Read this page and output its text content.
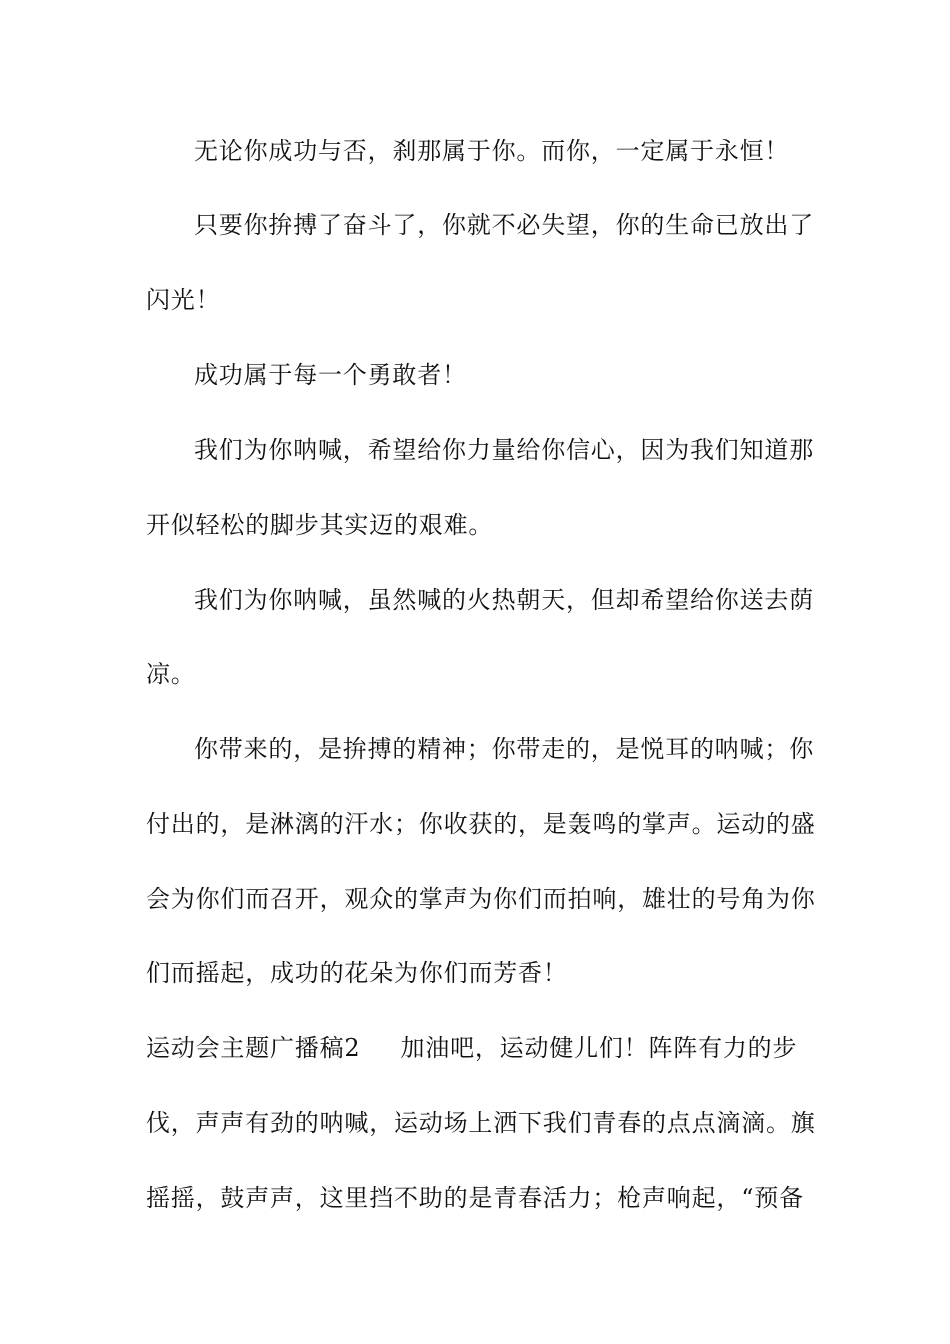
无论你成功与否，刹那属于你。而你，一定属于永恒！
只要你拚搏了奋斗了，你就不必失望，你的生命已放出了
闪光！
成功属于每一个勇敢者！
我们为你呐喊，希望给你力量给你信心，因为我们知道那
开似轻松的脚步其实迈的艰难。
我们为你呐喊，虽然喊的火热朝天，但却希望给你送去荫
凉。
你带来的，是拚搏的精神；你带走的，是悦耳的呐喊；你
付出的，是淋漓的汗水；你收获的，是轰鸣的掌声。运动的盛
会为你们而召开，观众的掌声为你们而拍响，雄壮的号角为你
们而摇起，成功的花朵为你们而芳香！
运动会主题广播稿2 加油吧，运动健儿们！阵阵有力的步
伐，声声有劲的呐喊，运动场上洒下我们青春的点点滴滴。旗
摇摇，鼓声声，这里挡不助的是青春活力；枪声响起，“预备
